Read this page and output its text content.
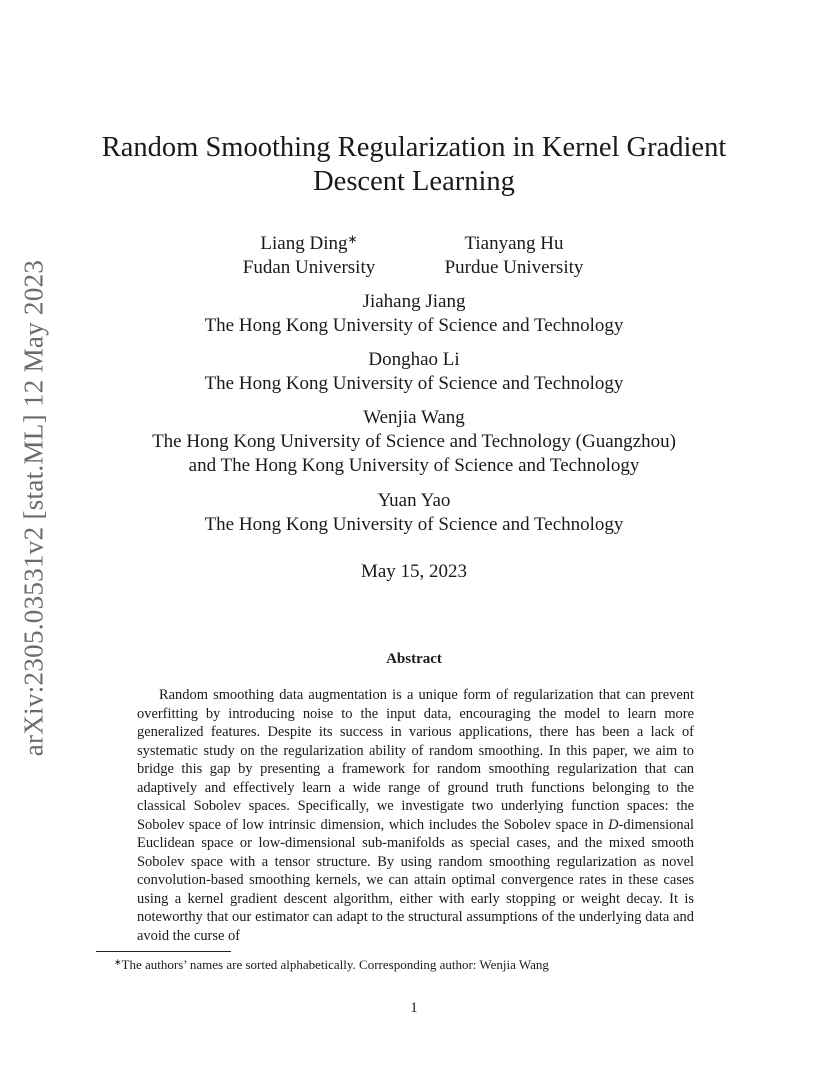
arXiv:2305.03531v2 [stat.ML] 12 May 2023
Random Smoothing Regularization in Kernel Gradient
Descent Learning
Liang Ding∗
Fudan University
Tianyang Hu
Purdue University
Jiahang Jiang
The Hong Kong University of Science and Technology
Donghao Li
The Hong Kong University of Science and Technology
Wenjia Wang
The Hong Kong University of Science and Technology (Guangzhou)
and The Hong Kong University of Science and Technology
Yuan Yao
The Hong Kong University of Science and Technology
May 15, 2023
Abstract

Random smoothing data augmentation is a unique form of regularization that can prevent overfitting by introducing noise to the input data, encouraging the model to learn more generalized features. Despite its success in various applications, there has been a lack of systematic study on the regularization ability of random smoothing. In this paper, we aim to bridge this gap by presenting a framework for random smoothing regularization that can adaptively and effectively learn a wide range of ground truth functions belonging to the classical Sobolev spaces. Specifically, we investigate two underlying function spaces: the Sobolev space of low intrinsic dimension, which includes the Sobolev space in D-dimensional Euclidean space or low-dimensional sub-manifolds as special cases, and the mixed smooth Sobolev space with a tensor structure. By using random smoothing regularization as novel convolution-based smoothing kernels, we can attain optimal convergence rates in these cases using a kernel gradient descent algorithm, either with early stopping or weight decay. It is noteworthy that our estimator can adapt to the structural assumptions of the underlying data and avoid the curse of

∗The authors’ names are sorted alphabetically. Corresponding author: Wenjia Wang
1
